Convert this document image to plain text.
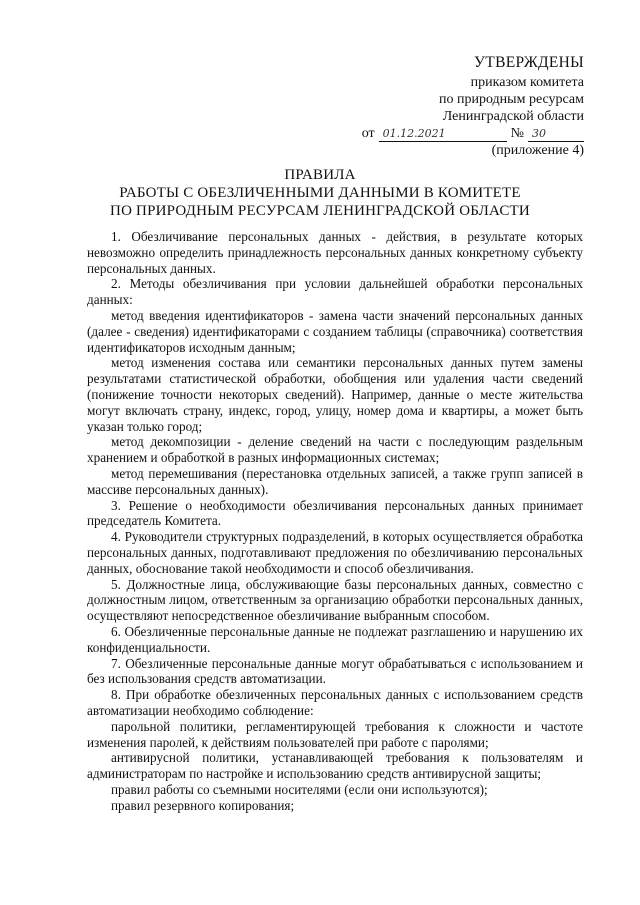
УТВЕРЖДЕНЫ
приказом комитета
по природным ресурсам
Ленинградской области
от 01.12.2021	№ 30
(приложение 4)
ПРАВИЛА
РАБОТЫ С ОБЕЗЛИЧЕННЫМИ ДАННЫМИ В КОМИТЕТЕ
ПО ПРИРОДНЫМ РЕСУРСАМ ЛЕНИНГРАДСКОЙ ОБЛАСТИ

1. Обезличивание персональных данных - действия, в результате которых невозможно определить принадлежность персональных данных конкретному субъекту персональных данных.

2. Методы обезличивания при условии дальнейшей обработки персональных данных:

метод введения идентификаторов - замена части значений персональных данных (далее - сведения) идентификаторами с созданием таблицы (справочника) соответствия идентификаторов исходным данным;

метод изменения состава или семантики персональных данных путем замены результатами статистической обработки, обобщения или удаления части сведений (понижение точности некоторых сведений). Например, данные о месте жительства могут включать страну, индекс, город, улицу, номер дома и квартиры, а может быть указан только город;

метод декомпозиции - деление сведений на части с последующим раздельным хранением и обработкой в разных информационных системах;

метод перемешивания (перестановка отдельных записей, а также групп записей в массиве персональных данных).

3. Решение о необходимости обезличивания персональных данных принимает председатель Комитета.

4. Руководители структурных подразделений, в которых осуществляется обработка персональных данных, подготавливают предложения по обезличиванию персональных данных, обоснование такой необходимости и способ обезличивания.

5. Должностные лица, обслуживающие базы персональных данных, совместно с должностным лицом, ответственным за организацию обработки персональных данных, осуществляют непосредственное обезличивание выбранным способом.

6. Обезличенные персональные данные не подлежат разглашению и нарушению их конфиденциальности.

7. Обезличенные персональные данные могут обрабатываться с использованием и без использования средств автоматизации.

8. При обработке обезличенных персональных данных с использованием средств автоматизации необходимо соблюдение:

парольной политики, регламентирующей требования к сложности и частоте изменения паролей, к действиям пользователей при работе с паролями;

антивирусной политики, устанавливающей требования к пользователям и администраторам по настройке и использованию средств антивирусной защиты;

правил работы со съемными носителями (если они используются);

правил резервного копирования;
